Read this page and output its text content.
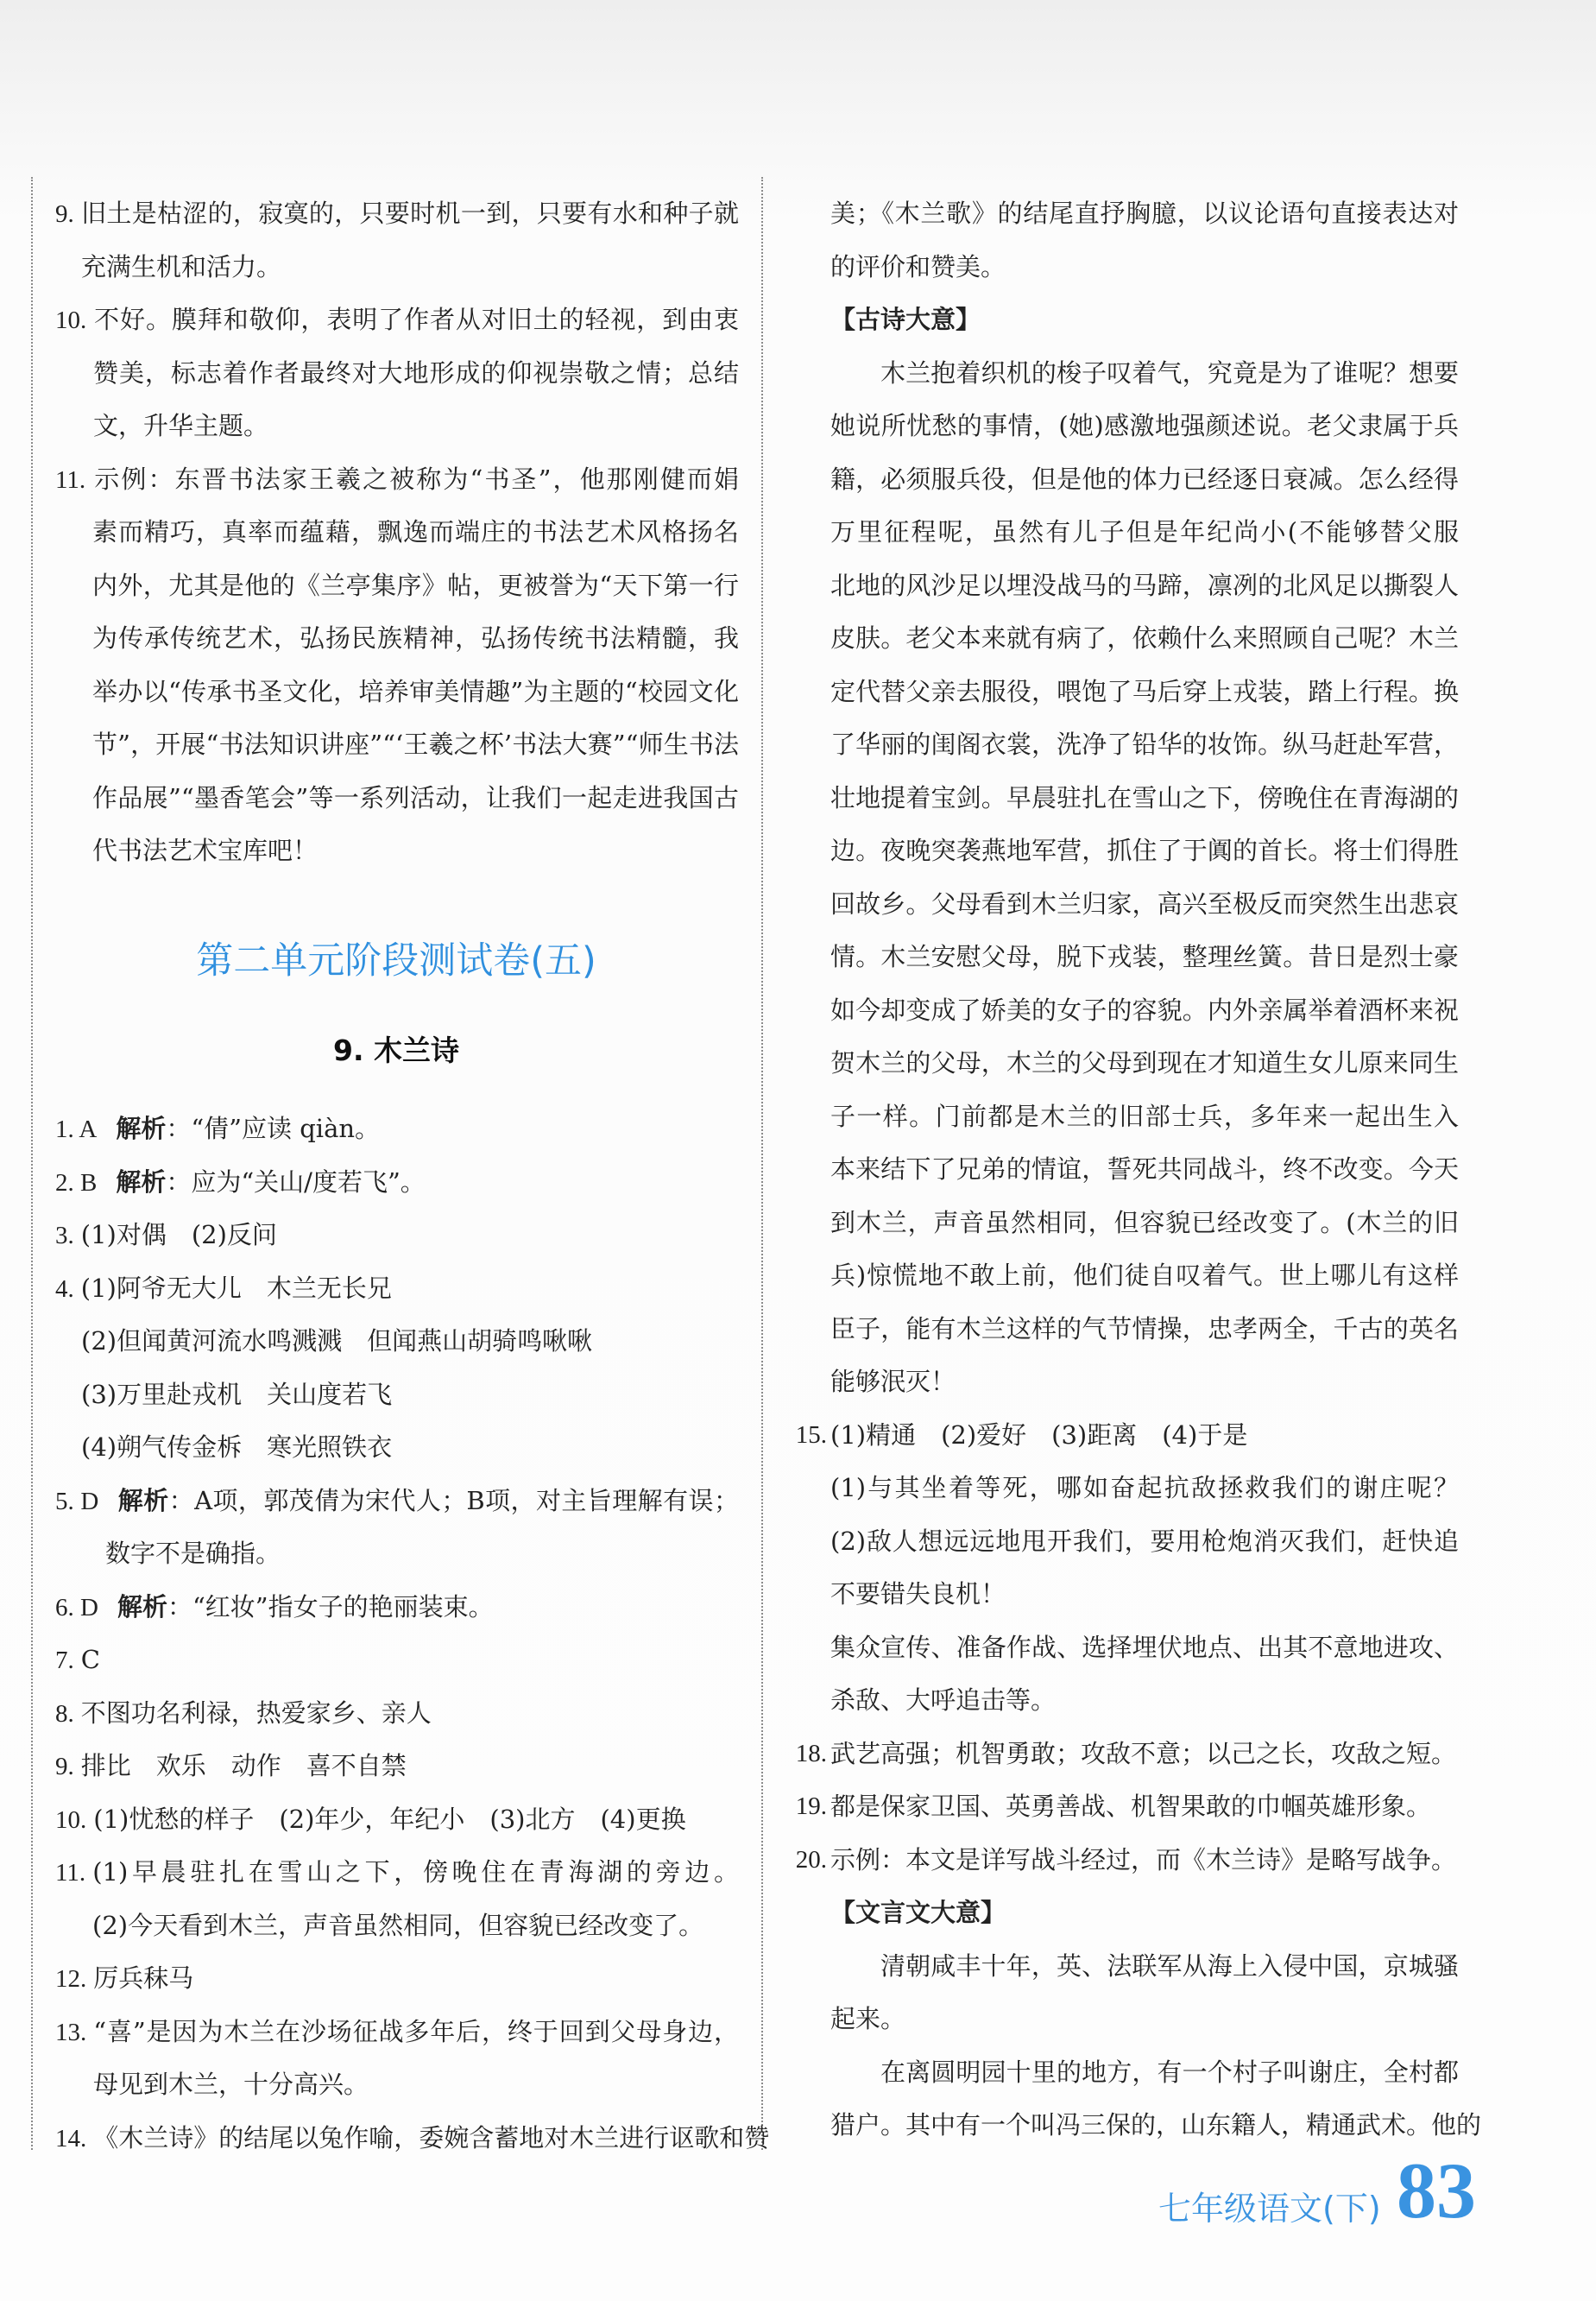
9. 旧土是枯涩的，寂寞的，只要时机一到，只要有水和种子就
充满生机和活力。
10. 不好。膜拜和敬仰，表明了作者从对旧土的轻视，到由衷
赞美，标志着作者最终对大地形成的仰视崇敬之情；总结
文，升华主题。
11. 示例：东晋书法家王羲之被称为“书圣”，他那刚健而娟
素而精巧，真率而蕴藉，飘逸而端庄的书法艺术风格扬名
内外，尤其是他的《兰亭集序》帖，更被誉为“天下第一行
为传承传统艺术，弘扬民族精神，弘扬传统书法精髓，我
举办以“传承书圣文化，培养审美情趣”为主题的“校园文化
节”，开展“书法知识讲座”“‘王羲之杯’书法大赛”“师生书法
作品展”“墨香笔会”等一系列活动，让我们一起走进我国古
代书法艺术宝库吧！
1. A 解析：“倩”应读 qiàn。
2. B 解析：应为“关山/度若飞”。
3. (1)对偶　(2)反问
4. (1)阿爷无大儿　木兰无长兄
(2)但闻黄河流水鸣溅溅　但闻燕山胡骑鸣啾啾
(3)万里赴戎机　关山度若飞
(4)朔气传金柝　寒光照铁衣
5. D 解析：A项，郭茂倩为宋代人；B项，对主旨理解有误；
数字不是确指。
6. D 解析：“红妆”指女子的艳丽装束。
7. C
8. 不图功名利禄，热爱家乡、亲人
9. 排比　欢乐　动作　喜不自禁
10. (1)忧愁的样子　(2)年少，年纪小　(3)北方　(4)更换
11. (1)早晨驻扎在雪山之下，傍晚住在青海湖的旁边。
(2)今天看到木兰，声音虽然相同，但容貌已经改变了。
12. 厉兵秣马
13. “喜”是因为木兰在沙场征战多年后，终于回到父母身边，
母见到木兰，十分高兴。
14. 《木兰诗》的结尾以兔作喻，委婉含蓄地对木兰进行讴歌和赞
第二单元阶段测试卷(五)
9. 木兰诗
美；《木兰歌》的结尾直抒胸臆，以议论语句直接表达对
的评价和赞美。
【古诗大意】
木兰抱着织机的梭子叹着气，究竟是为了谁呢？想要
她说所忧愁的事情，(她)感激地强颜述说。老父隶属于兵
籍，必须服兵役，但是他的体力已经逐日衰减。怎么经得
万里征程呢，虽然有儿子但是年纪尚小(不能够替父服
北地的风沙足以埋没战马的马蹄，凛冽的北风足以撕裂人
皮肤。老父本来就有病了，依赖什么来照顾自己呢？木兰
定代替父亲去服役，喂饱了马后穿上戎装，踏上行程。换
了华丽的闺阁衣裳，洗净了铅华的妆饰。纵马赶赴军营，
壮地提着宝剑。早晨驻扎在雪山之下，傍晚住在青海湖的
边。夜晚突袭燕地军营，抓住了于阗的首长。将士们得胜
回故乡。父母看到木兰归家，高兴至极反而突然生出悲哀
情。木兰安慰父母，脱下戎装，整理丝簧。昔日是烈士豪
如今却变成了娇美的女子的容貌。内外亲属举着酒杯来祝
贺木兰的父母，木兰的父母到现在才知道生女儿原来同生
子一样。门前都是木兰的旧部士兵，多年来一起出生入
本来结下了兄弟的情谊，誓死共同战斗，终不改变。今天
到木兰，声音虽然相同，但容貌已经改变了。(木兰的旧
兵)惊慌地不敢上前，他们徒自叹着气。世上哪儿有这样
臣子，能有木兰这样的气节情操，忠孝两全，千古的英名
能够泯灭！
15. (1)精通　(2)爱好　(3)距离　(4)于是
(1)与其坐着等死，哪如奋起抗敌拯救我们的谢庄呢？
(2)敌人想远远地甩开我们，要用枪炮消灭我们，赶快追
不要错失良机！
集众宣传、准备作战、选择埋伏地点、出其不意地进攻、
杀敌、大呼追击等。
18. 武艺高强；机智勇敢；攻敌不意；以己之长，攻敌之短。
19. 都是保家卫国、英勇善战、机智果敢的巾帼英雄形象。
20. 示例：本文是详写战斗经过，而《木兰诗》是略写战争。
【文言文大意】
清朝咸丰十年，英、法联军从海上入侵中国，京城骚
起来。
在离圆明园十里的地方，有一个村子叫谢庄，全村都
猎户。其中有一个叫冯三保的，山东籍人，精通武术。他的
七年级语文(下) 83
